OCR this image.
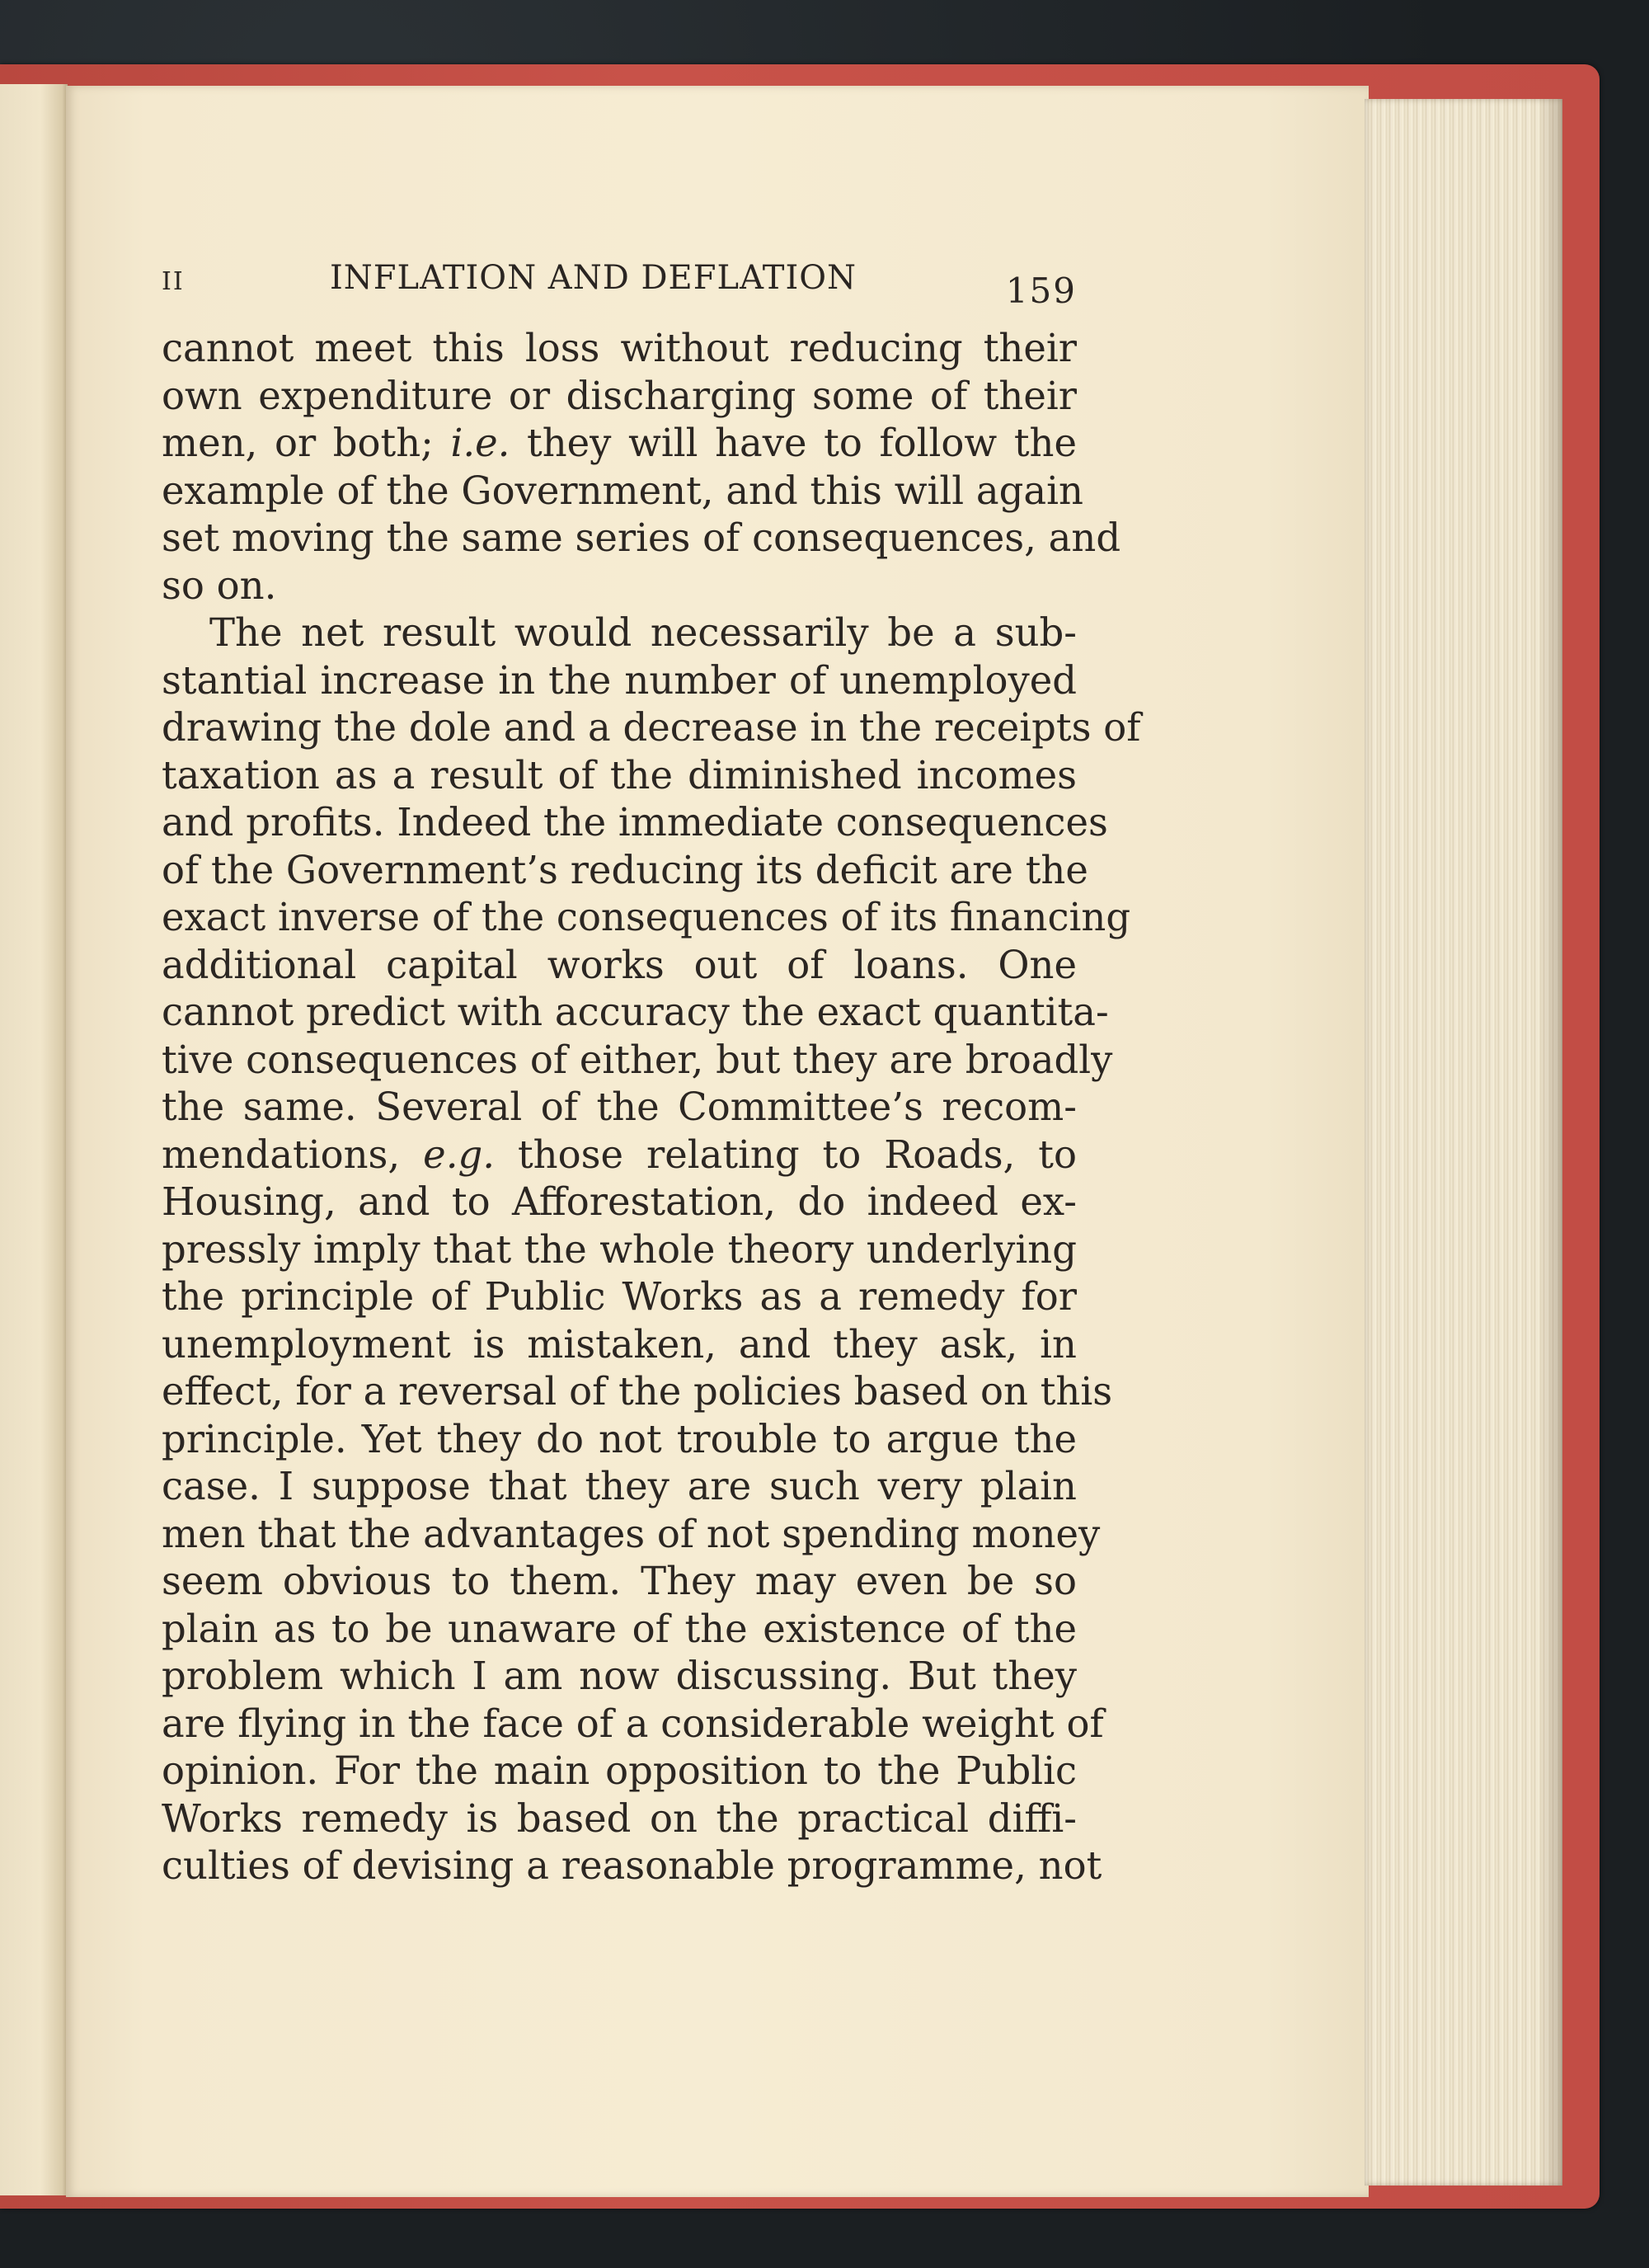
II	INFLATION AND DEFLATION	159
cannot meet this loss without reducing their
own expenditure or discharging some of their
men, or both; i.e. they will have to follow the
example of the Government, and this will again
set moving the same series of consequences, and
so on.
The net result would necessarily be a sub-
stantial increase in the number of unemployed
drawing the dole and a decrease in the receipts of
taxation as a result of the diminished incomes
and profits. Indeed the immediate consequences
of the Government’s reducing its deficit are the
exact inverse of the consequences of its financing
additional capital works out of loans. One
cannot predict with accuracy the exact quantita-
tive consequences of either, but they are broadly
the same. Several of the Committee’s recom-
mendations, e.g. those relating to Roads, to
Housing, and to Afforestation, do indeed ex-
pressly imply that the whole theory underlying
the principle of Public Works as a remedy for
unemployment is mistaken, and they ask, in
effect, for a reversal of the policies based on this
principle. Yet they do not trouble to argue the
case. I suppose that they are such very plain
men that the advantages of not spending money
seem obvious to them. They may even be so
plain as to be unaware of the existence of the
problem which I am now discussing. But they
are flying in the face of a considerable weight of
opinion. For the main opposition to the Public
Works remedy is based on the practical diffi-
culties of devising a reasonable programme, not
